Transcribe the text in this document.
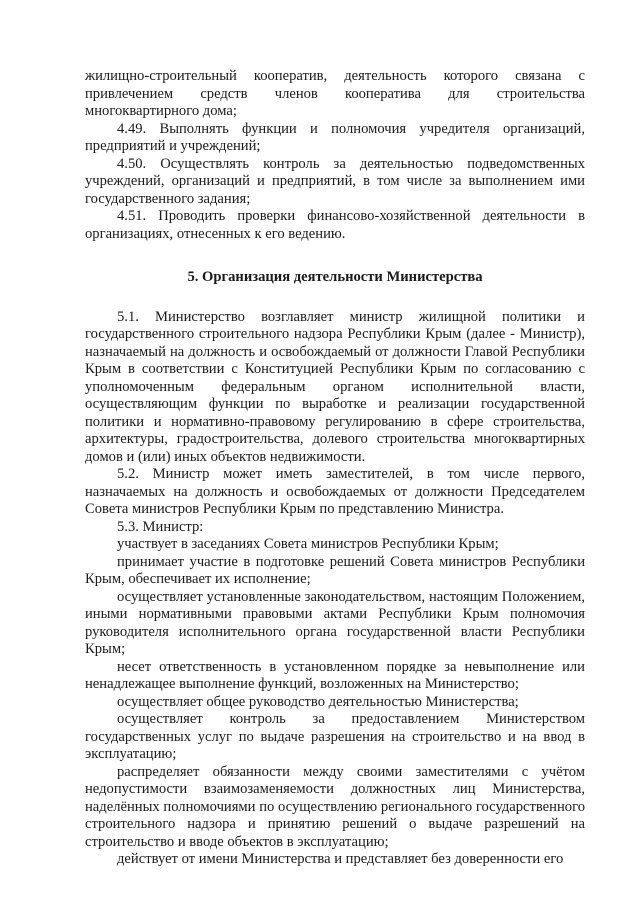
жилищно-строительный кооператив, деятельность которого связана с привлечением средств членов кооператива для строительства многоквартирного дома;

4.49. Выполнять функции и полномочия учредителя организаций, предприятий и учреждений;

4.50. Осуществлять контроль за деятельностью подведомственных учреждений, организаций и предприятий, в том числе за выполнением ими государственного задания;

4.51. Проводить проверки финансово-хозяйственной деятельности в организациях, отнесенных к его ведению.

5. Организация деятельности Министерства

5.1. Министерство возглавляет министр жилищной политики и государственного строительного надзора Республики Крым (далее - Министр), назначаемый на должность и освобождаемый от должности Главой Республики Крым в соответствии с Конституцией Республики Крым по согласованию с уполномоченным федеральным органом исполнительной власти, осуществляющим функции по выработке и реализации государственной политики и нормативно-правовому регулированию в сфере строительства, архитектуры, градостроительства, долевого строительства многоквартирных домов и (или) иных объектов недвижимости.

5.2. Министр может иметь заместителей, в том числе первого, назначаемых на должность и освобождаемых от должности Председателем Совета министров Республики Крым по представлению Министра.

5.3. Министр:

участвует в заседаниях Совета министров Республики Крым;

принимает участие в подготовке решений Совета министров Республики Крым, обеспечивает их исполнение;

осуществляет установленные законодательством, настоящим Положением, иными нормативными правовыми актами Республики Крым полномочия руководителя исполнительного органа государственной власти Республики Крым;

несет ответственность в установленном порядке за невыполнение или ненадлежащее выполнение функций, возложенных на Министерство;

осуществляет общее руководство деятельностью Министерства;

осуществляет контроль за предоставлением Министерством государственных услуг по выдаче разрешения на строительство и на ввод в эксплуатацию;

распределяет обязанности между своими заместителями с учётом недопустимости взаимозаменяемости должностных лиц Министерства, наделённых полномочиями по осуществлению регионального государственного строительного надзора и принятию решений о выдаче разрешений на строительство и вводе объектов в эксплуатацию;

действует от имени Министерства и представляет без доверенности его
